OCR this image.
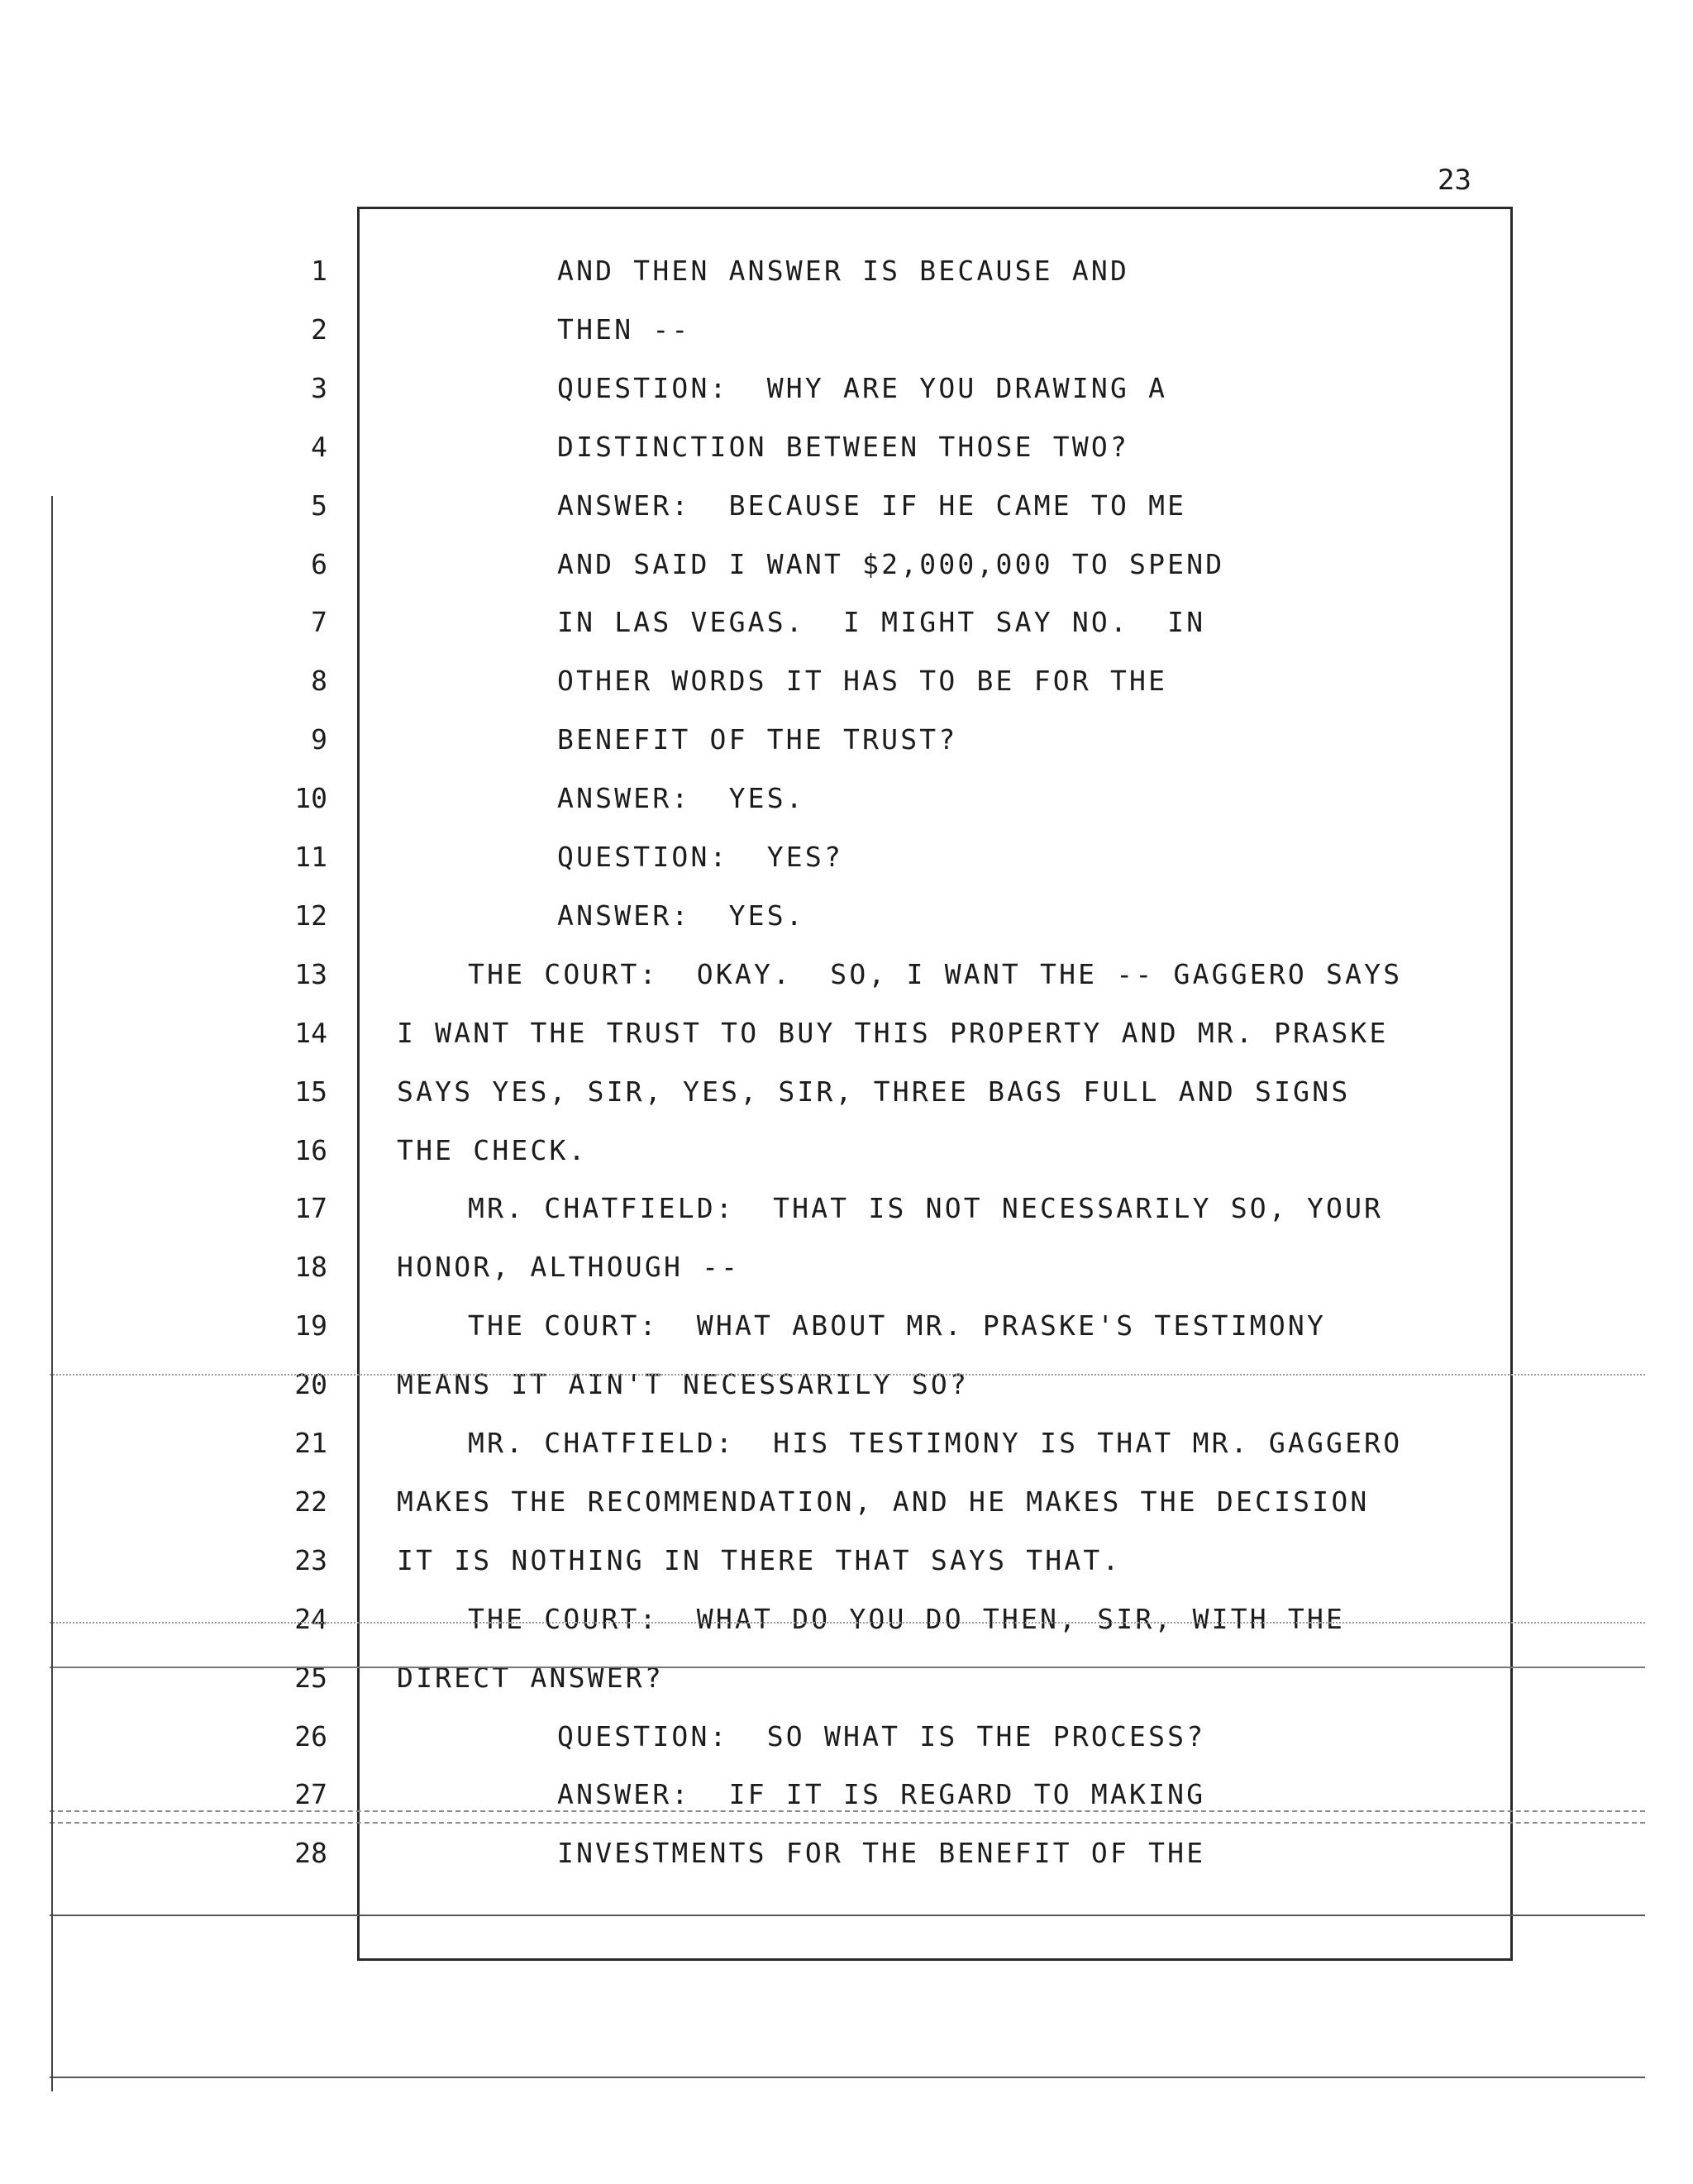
23
1	AND THEN ANSWER IS BECAUSE AND
2	THEN --
3	QUESTION:  WHY ARE YOU DRAWING A
4	DISTINCTION BETWEEN THOSE TWO?
5	ANSWER:  BECAUSE IF HE CAME TO ME
6	AND SAID I WANT $2,000,000 TO SPEND
7	IN LAS VEGAS.  I MIGHT SAY NO.  IN
8	OTHER WORDS IT HAS TO BE FOR THE
9	BENEFIT OF THE TRUST?
10	ANSWER:  YES.
11	QUESTION:  YES?
12	ANSWER:  YES.
13	THE COURT:  OKAY.  SO, I WANT THE -- GAGGERO SAYS
14	I WANT THE TRUST TO BUY THIS PROPERTY AND MR. PRASKE
15	SAYS YES, SIR, YES, SIR, THREE BAGS FULL AND SIGNS
16	THE CHECK.
17	MR. CHATFIELD:  THAT IS NOT NECESSARILY SO, YOUR
18	HONOR, ALTHOUGH --
19	THE COURT:  WHAT ABOUT MR. PRASKE'S TESTIMONY
20	MEANS IT AIN'T NECESSARILY SO?
21	MR. CHATFIELD:  HIS TESTIMONY IS THAT MR. GAGGERO
22	MAKES THE RECOMMENDATION, AND HE MAKES THE DECISION
23	IT IS NOTHING IN THERE THAT SAYS THAT.
24	THE COURT:  WHAT DO YOU DO THEN, SIR, WITH THE
25	DIRECT ANSWER?
26	QUESTION:  SO WHAT IS THE PROCESS?
27	ANSWER:  IF IT IS REGARD TO MAKING
28	INVESTMENTS FOR THE BENEFIT OF THE
